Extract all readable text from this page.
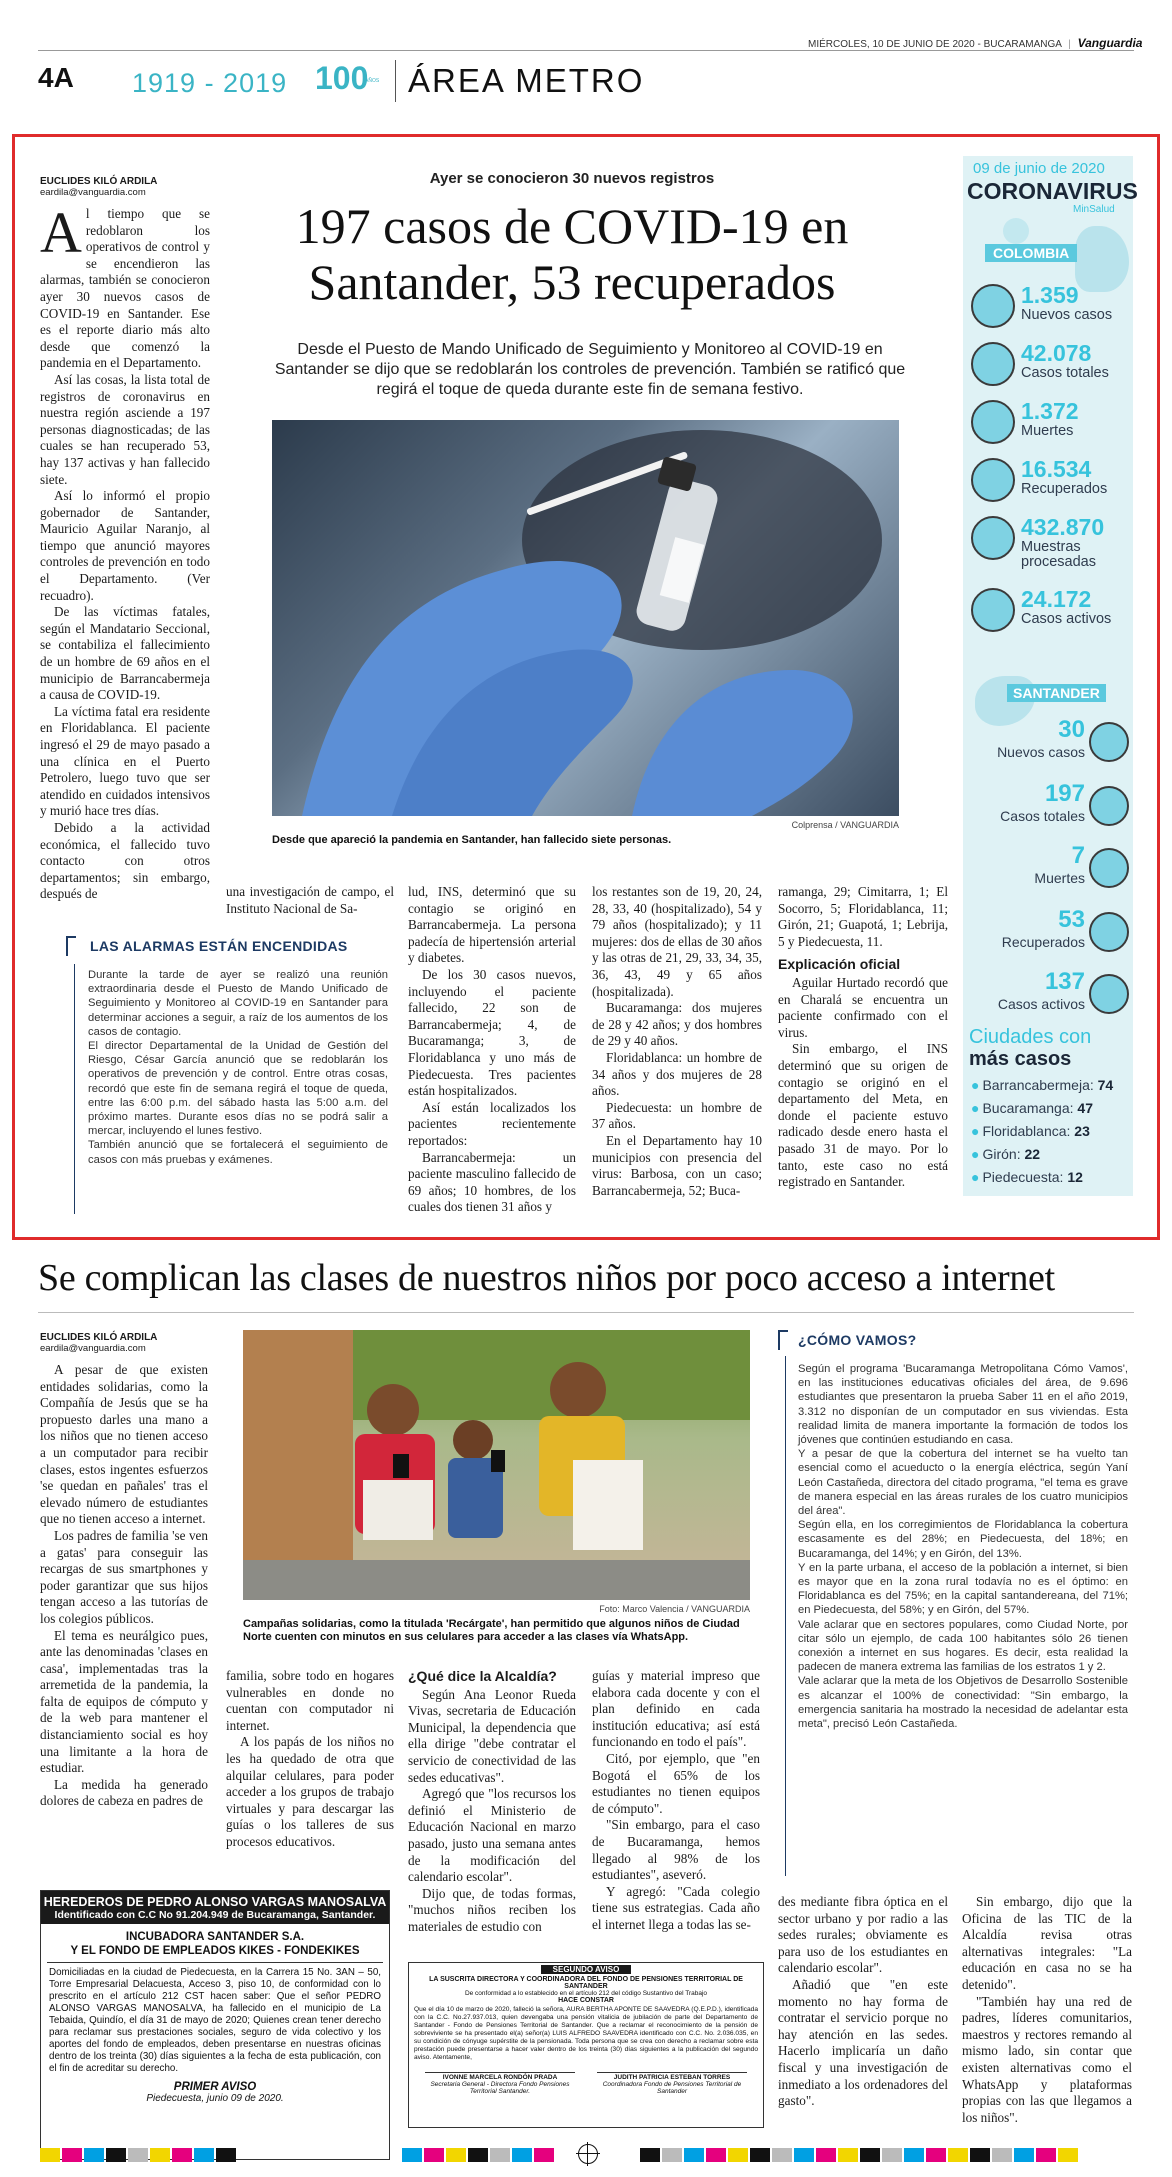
MIÉRCOLES, 10 DE JUNIO DE 2020 - BUCARAMANGA | Vanguardia
4A 1919 - 2019 100
AÑOS ÁREA METRO
EUCLIDES KILÓ ARDILA
eardila@vanguardia.com
A l tiempo que se redoblaron los operativos de control y se encendieron las alarmas, también se conocieron ayer 30 nuevos casos de COVID-19 en Santander. Ese es el reporte diario más alto desde que comenzó la pandemia en el Departamento.

Así las cosas, la lista total de registros de coronavirus en nuestra región asciende a 197 personas diagnosticadas; de las cuales se han recuperado 53, hay 137 activas y han fallecido siete.

Así lo informó el propio gobernador de Santander, Mauricio Aguilar Naranjo, al tiempo que anunció mayores controles de prevención en todo el Departamento. (Ver recuadro).

De las víctimas fatales, según el Mandatario Seccional, se contabiliza el fallecimiento de un hombre de 69 años en el municipio de Barrancabermeja a causa de COVID-19.

La víctima fatal era residente en Floridablanca. El paciente ingresó el 29 de mayo pasado a una clínica en el Puerto Petrolero, luego tuvo que ser atendido en cuidados intensivos y murió hace tres días.

Debido a la actividad económica, el fallecido tuvo contacto con otros departamentos; sin embargo, después de

Ayer se conocieron 30 nuevos registros
197 casos de COVID-19 en
Santander, 53 recuperados
Desde el Puesto de Mando Unificado de Seguimiento y Monitoreo al COVID-19 en Santander se dijo que se redoblarán los controles de prevención. También se ratificó que regirá el toque de queda durante este fin de semana festivo.
Colprensa / VANGUARDIA
Desde que apareció la pandemia en Santander, han fallecido siete personas.

una investigación de campo, el Instituto Nacional de Sa-

LAS ALARMAS ESTÁN ENCENDIDAS

Durante la tarde de ayer se realizó una reunión extraordinaria desde el Puesto de Mando Unificado de Seguimiento y Monitoreo al COVID-19 en Santander para determinar acciones a seguir, a raíz de los aumentos de los casos de contagio.

El director Departamental de la Unidad de Gestión del Riesgo, César García anunció que se redoblarán los operativos de prevención y de control. Entre otras cosas, recordó que este fin de semana regirá el toque de queda, entre las 6:00 p.m. del sábado hasta las 5:00 a.m. del próximo martes. Durante esos días no se podrá salir a mercar, incluyendo el lunes festivo.

También anunció que se fortalecerá el seguimiento de casos con más pruebas y exámenes.

lud, INS, determinó que su contagio se originó en Barrancabermeja. La persona padecía de hipertensión arterial y diabetes.

De los 30 casos nuevos, incluyendo el paciente fallecido, 22 son de Barrancabermeja; 4, de Bucaramanga; 3, de Floridablanca y uno más de Piedecuesta. Tres pacientes están hospitalizados.

Así están localizados los pacientes recientemente reportados:

Barrancabermeja: un paciente masculino fallecido de 69 años; 10 hombres, de los cuales dos tienen 31 años y

los restantes son de 19, 20, 24, 28, 33, 40 (hospitalizado), 54 y 79 años (hospitalizado); y 11 mujeres: dos de ellas de 30 años y las otras de 21, 29, 33, 34, 35, 36, 43, 49 y 65 años (hospitalizada).

Bucaramanga: dos mujeres de 28 y 42 años; y dos hombres de 29 y 40 años.

Floridablanca: un hombre de 34 años y dos mujeres de 28 años.

Piedecuesta: un hombre de 37 años.

En el Departamento hay 10 municipios con presencia del virus: Barbosa, con un caso; Barrancabermeja, 52; Buca-

ramanga, 29; Cimitarra, 1; El Socorro, 5; Floridablanca, 11; Girón, 21; Guapotá, 1; Lebrija, 5 y Piedecuesta, 11.

Explicación oficial

Aguilar Hurtado recordó que en Charalá se encuentra un paciente confirmado con el virus.

Sin embargo, el INS determinó que su origen de contagio se originó en el departamento del Meta, en donde el paciente estuvo radicado desde enero hasta el pasado 31 de mayo. Por lo tanto, este caso no está registrado en Santander.

09 de junio de 2020
CORONAVIRUS
MinSalud
COLOMBIA
1.359
Nuevos casos
42.078
Casos totales
1.372
Muertes
16.534
Recuperados
432.870
Muestras procesadas
24.172
Casos activos
SANTANDER
30
Nuevos casos
197
Casos totales
7
Muertes
53
Recuperados
137
Casos activos
Ciudades con
más casos
● Barrancabermeja: 74
● Bucaramanga: 47
● Floridablanca: 23
● Girón: 22
● Piedecuesta: 12
Se complican las clases de nuestros niños por poco acceso a internet
EUCLIDES KILÓ ARDILA
eardila@vanguardia.com
Foto: Marco Valencia / VANGUARDIA
Campañas solidarias, como la titulada 'Recárgate', han permitido que algunos niños de Ciudad Norte cuenten con minutos en sus celulares para acceder a las clases vía WhatsApp.

A pesar de que existen entidades solidarias, como la Compañía de Jesús que se ha propuesto darles una mano a los niños que no tienen acceso a un computador para recibir clases, estos ingentes esfuerzos 'se quedan en pañales' tras el elevado número de estudiantes que no tienen acceso a internet.

Los padres de familia 'se ven a gatas' para conseguir las recargas de sus smartphones y poder garantizar que sus hijos tengan acceso a las tutorías de los colegios públicos.

El tema es neurálgico pues, ante las denominadas 'clases en casa', implementadas tras la arremetida de la pandemia, la falta de equipos de cómputo y de la web para mantener el distanciamiento social es hoy una limitante a la hora de estudiar.

La medida ha generado dolores de cabeza en padres de

familia, sobre todo en hogares vulnerables en donde no cuentan con computador ni internet.

A los papás de los niños no les ha quedado de otra que alquilar celulares, para poder acceder a los grupos de trabajo virtuales y para descargar las guías o los talleres de sus procesos educativos.

¿Qué dice la Alcaldía?

Según Ana Leonor Rueda Vivas, secretaria de Educación Municipal, la dependencia que ella dirige "debe contratar el servicio de conectividad de las sedes educativas".

Agregó que "los recursos los definió el Ministerio de Educación Nacional en marzo pasado, justo una semana antes de la modificación del calendario escolar".

Dijo que, de todas formas, "muchos niños reciben los materiales de estudio con

guías y material impreso que elabora cada docente y con el plan definido en cada institución educativa; así está funcionando en todo el país".

Citó, por ejemplo, que "en Bogotá el 65% de los estudiantes no tienen equipos de cómputo".

"Sin embargo, para el caso de Bucaramanga, hemos llegado al 98% de los estudiantes", aseveró.

Y agregó: "Cada colegio tiene sus estrategias. Cada año el internet llega a todas las se-

des mediante fibra óptica en el sector urbano y por radio a las sedes rurales; obviamente es para uso de los estudiantes en calendario escolar".

Añadió que "en este momento no hay forma de contratar el servicio porque no hay atención en las sedes. Hacerlo implicaría un daño fiscal y una investigación de inmediato a los ordenadores del gasto".

Sin embargo, dijo que la Oficina de las TIC de la Alcaldía revisa otras alternativas integrales: "La educación en casa no se ha detenido".

"También hay una red de padres, líderes comunitarios, maestros y rectores remando al mismo lado, sin contar que existen alternativas como el WhatsApp y plataformas propias con las que llegamos a los niños".

¿CÓMO VAMOS?

Según el programa 'Bucaramanga Metropolitana Cómo Vamos', en las instituciones educativas oficiales del área, de 9.696 estudiantes que presentaron la prueba Saber 11 en el año 2019, 3.312 no disponían de un computador en sus viviendas. Esta realidad limita de manera importante la formación de todos los jóvenes que continúen estudiando en casa.

Y a pesar de que la cobertura del internet se ha vuelto tan esencial como el acueducto o la energía eléctrica, según Yaní León Castañeda, directora del citado programa, "el tema es grave de manera especial en las áreas rurales de los cuatro municipios del área".

Según ella, en los corregimientos de Floridablanca la cobertura escasamente es del 28%; en Piedecuesta, del 18%; en Bucaramanga, del 14%; y en Girón, del 13%.

Y en la parte urbana, el acceso de la población a internet, si bien es mayor que en la zona rural todavía no es el óptimo: en Floridablanca es del 75%; en la capital santandereana, del 71%; en Piedecuesta, del 58%; y en Girón, del 57%.

Vale aclarar que en sectores populares, como Ciudad Norte, por citar sólo un ejemplo, de cada 100 habitantes sólo 26 tienen conexión a internet en sus hogares. Es decir, esta realidad la padecen de manera extrema las familias de los estratos 1 y 2.

Vale aclarar que la meta de los Objetivos de Desarrollo Sostenible es alcanzar el 100% de conectividad: "Sin embargo, la emergencia sanitaria ha mostrado la necesidad de adelantar esta meta", precisó León Castañeda.

HEREDEROS DE PEDRO ALONSO VARGAS MANOSALVA
Identificado con C.C No 91.204.949 de Bucaramanga, Santander.
INCUBADORA SANTANDER S.A.
Y EL FONDO DE EMPLEADOS KIKES - FONDEKIKES
Domiciliadas en la ciudad de Piedecuesta, en la Carrera 15 No. 3AN – 50, Torre Empresarial Delacuesta, Acceso 3, piso 10, de conformidad con lo prescrito en el artículo 212 CST hacen saber: Que el señor PEDRO ALONSO VARGAS MANOSALVA, ha fallecido en el municipio de La Tebaida, Quindío, el día 31 de mayo de 2020; Quienes crean tener derecho para reclamar sus prestaciones sociales, seguro de vida colectivo y los aportes del fondo de empleados, deben presentarse en nuestras oficinas dentro de los treinta (30) días siguientes a la fecha de esta publicación, con el fin de acreditar su derecho.
PRIMER AVISO
Piedecuesta, junio 09 de 2020.
SEGUNDO AVISO
LA SUSCRITA DIRECTORA Y COORDINADORA DEL FONDO DE PENSIONES TERRITORIAL DE SANTANDER
De conformidad a lo establecido en el artículo 212 del código Sustantivo del Trabajo
HACE CONSTAR
Que el día 10 de marzo de 2020, falleció la señora, AURA BERTHA APONTE DE SAAVEDRA (Q.E.P.D.), identificada con la C.C. No.27.937.013, quien devengaba una pensión vitalicia de jubilación de parte del Departamento de Santander - Fondo de Pensiones Territorial de Santander. Que a reclamar el reconocimiento de la pensión de sobreviviente se ha presentado el(a) señor(a) LUIS ALFREDO SAAVEDRA identificado con C.C. No. 2.036.035, en su condición de cónyuge supérstite de la pensionada. Toda persona que se crea con derecho a reclamar sobre esta prestación puede presentarse a hacer valer dentro de los treinta (30) días siguientes a la publicación del segundo aviso. Atentamente,
IVONNE MARCELA RONDÓN PRADA
Secretaria General - Directora Fondo Pensiones Territorial Santander.
JUDITH PATRICIA ESTEBAN TORRES
Coordinadora Fondo de Pensiones Territorial de Santander
